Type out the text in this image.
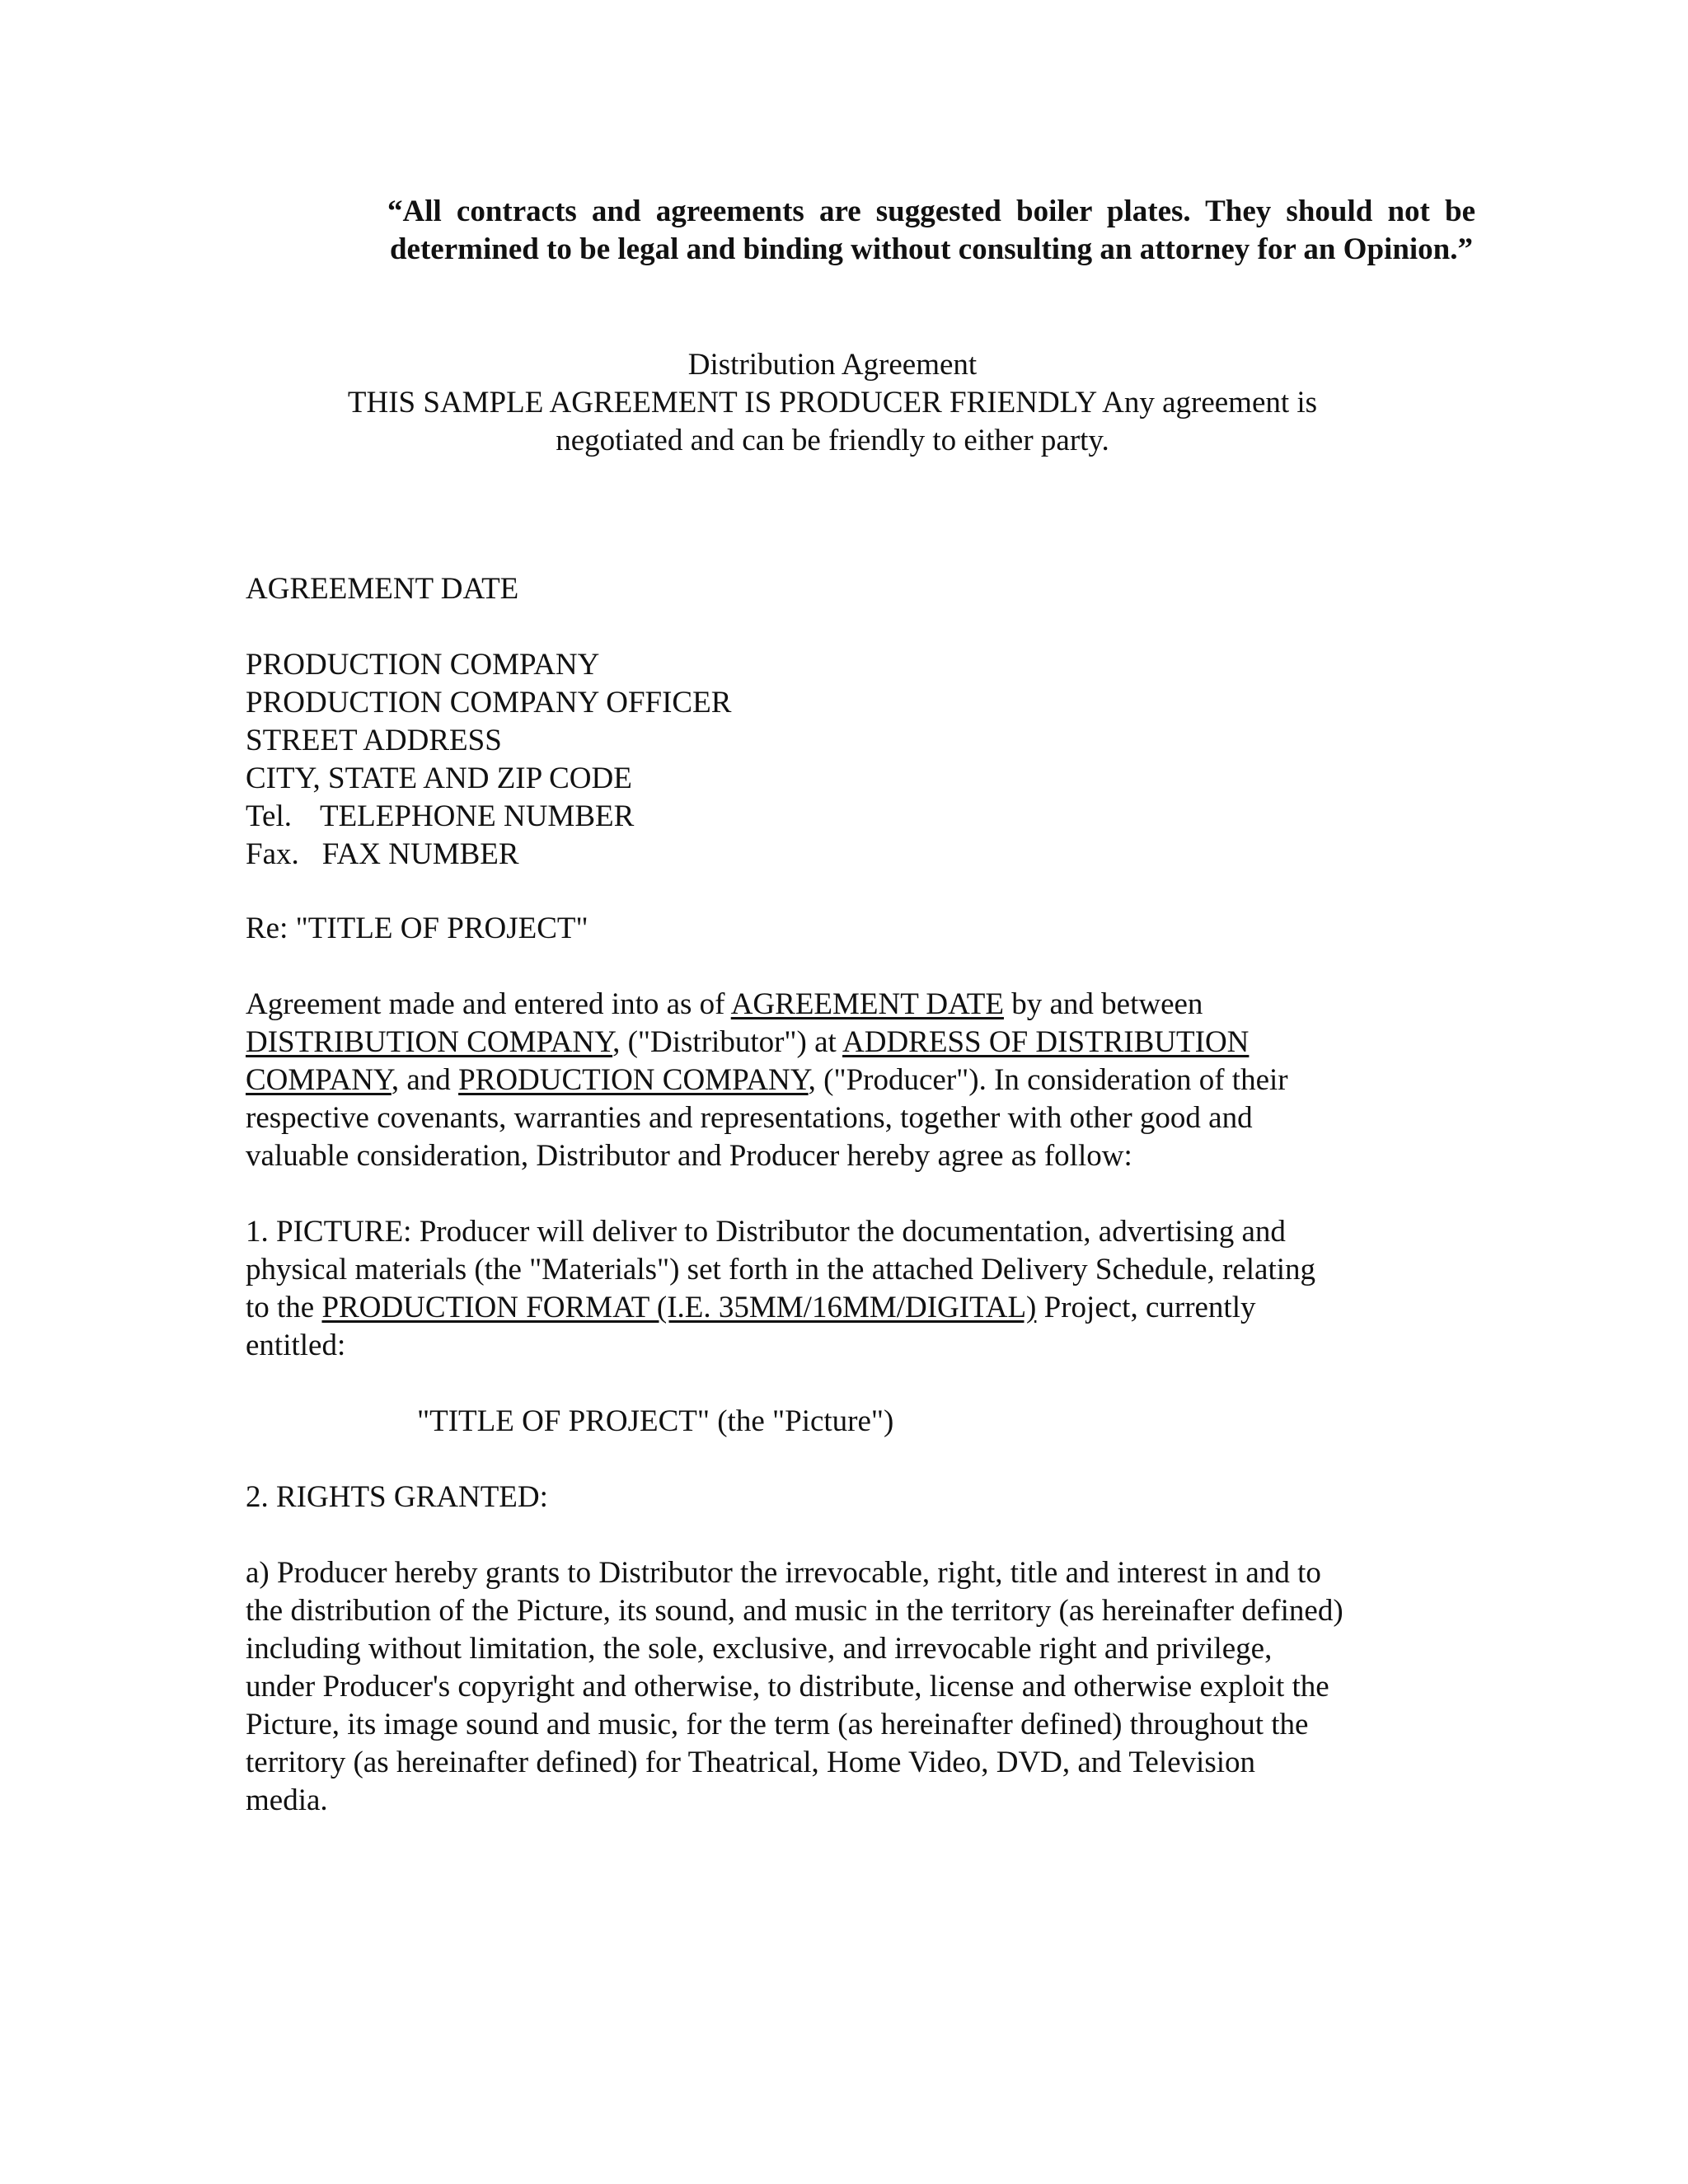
“All contracts and agreements are suggested boiler plates. They should not be determined to be legal and binding without consulting an attorney for an Opinion.”
Distribution Agreement
THIS SAMPLE AGREEMENT IS PRODUCER FRIENDLY Any agreement is
negotiated and can be friendly to either party.
AGREEMENT DATE
PRODUCTION COMPANY
PRODUCTION COMPANY OFFICER
STREET ADDRESS
CITY, STATE AND ZIP CODE
Tel. TELEPHONE NUMBER
Fax. FAX NUMBER
Re: "TITLE OF PROJECT"
Agreement made and entered into as of AGREEMENT DATE by and between
DISTRIBUTION COMPANY, ("Distributor") at ADDRESS OF DISTRIBUTION
COMPANY, and PRODUCTION COMPANY, ("Producer"). In consideration of their
respective covenants, warranties and representations, together with other good and
valuable consideration, Distributor and Producer hereby agree as follow:
1. PICTURE: Producer will deliver to Distributor the documentation, advertising and
physical materials (the "Materials") set forth in the attached Delivery Schedule, relating
to the PRODUCTION FORMAT (I.E. 35MM/16MM/DIGITAL) Project, currently
entitled:
"TITLE OF PROJECT" (the "Picture")
2. RIGHTS GRANTED:
a) Producer hereby grants to Distributor the irrevocable, right, title and interest in and to
the distribution of the Picture, its sound, and music in the territory (as hereinafter defined)
including without limitation, the sole, exclusive, and irrevocable right and privilege,
under Producer's copyright and otherwise, to distribute, license and otherwise exploit the
Picture, its image sound and music, for the term (as hereinafter defined) throughout the
territory (as hereinafter defined) for Theatrical, Home Video, DVD, and Television
media.
